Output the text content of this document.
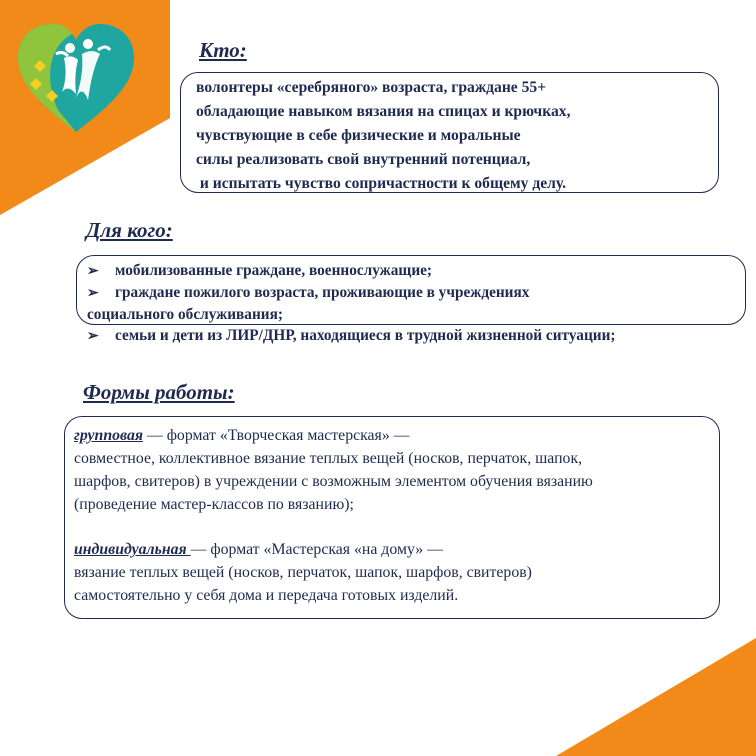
Кто:
волонтеры «серебряного» возраста, граждане 55+
обладающие навыком вязания на спицах и крючках,
чувствующие в себе физические и моральные
силы реализовать свой внутренний потенциал,
и испытать чувство сопричастности к общему делу.
Для кого:
➢ мобилизованные граждане, военнослужащие;
➢ граждане пожилого возраста, проживающие в учреждениях
социального обслуживания;
➢ семьи и дети из ЛИР/ДНР, находящиеся в трудной жизненной ситуации;
Формы работы:
групповая — формат «Творческая мастерская» —
совместное, коллективное вязание теплых вещей (носков, перчаток, шапок,
шарфов, свитеров) в учреждении с возможным элементом обучения вязанию
(проведение мастер-классов по вязанию);
индивидуальная — формат «Мастерская «на дому» —
вязание теплых вещей (носков, перчаток, шапок, шарфов, свитеров)
самостоятельно у себя дома и передача готовых изделий.
